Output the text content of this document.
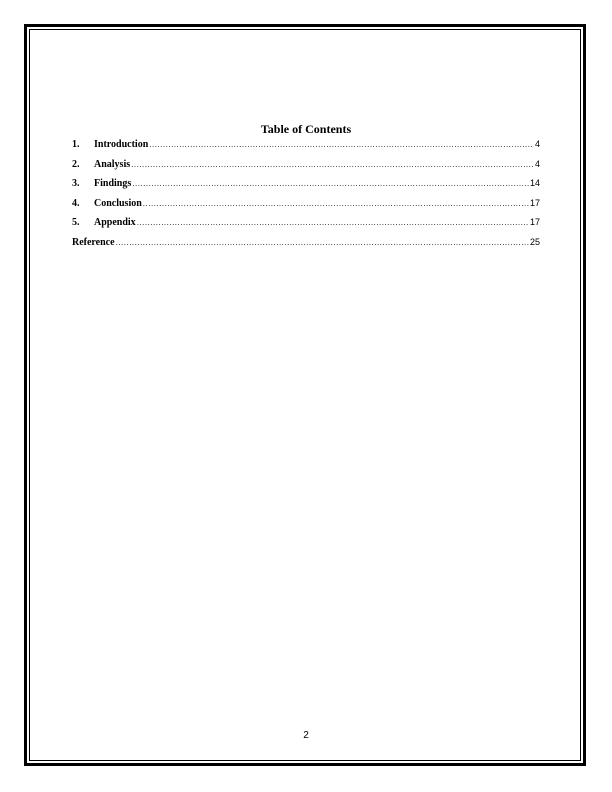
Table of Contents
1.	Introduction .....	4
2.	Analysis .....	4
3.	Findings .....	14
4.	Conclusion .....	17
5.	Appendix .....	17
Reference .....	25
2
